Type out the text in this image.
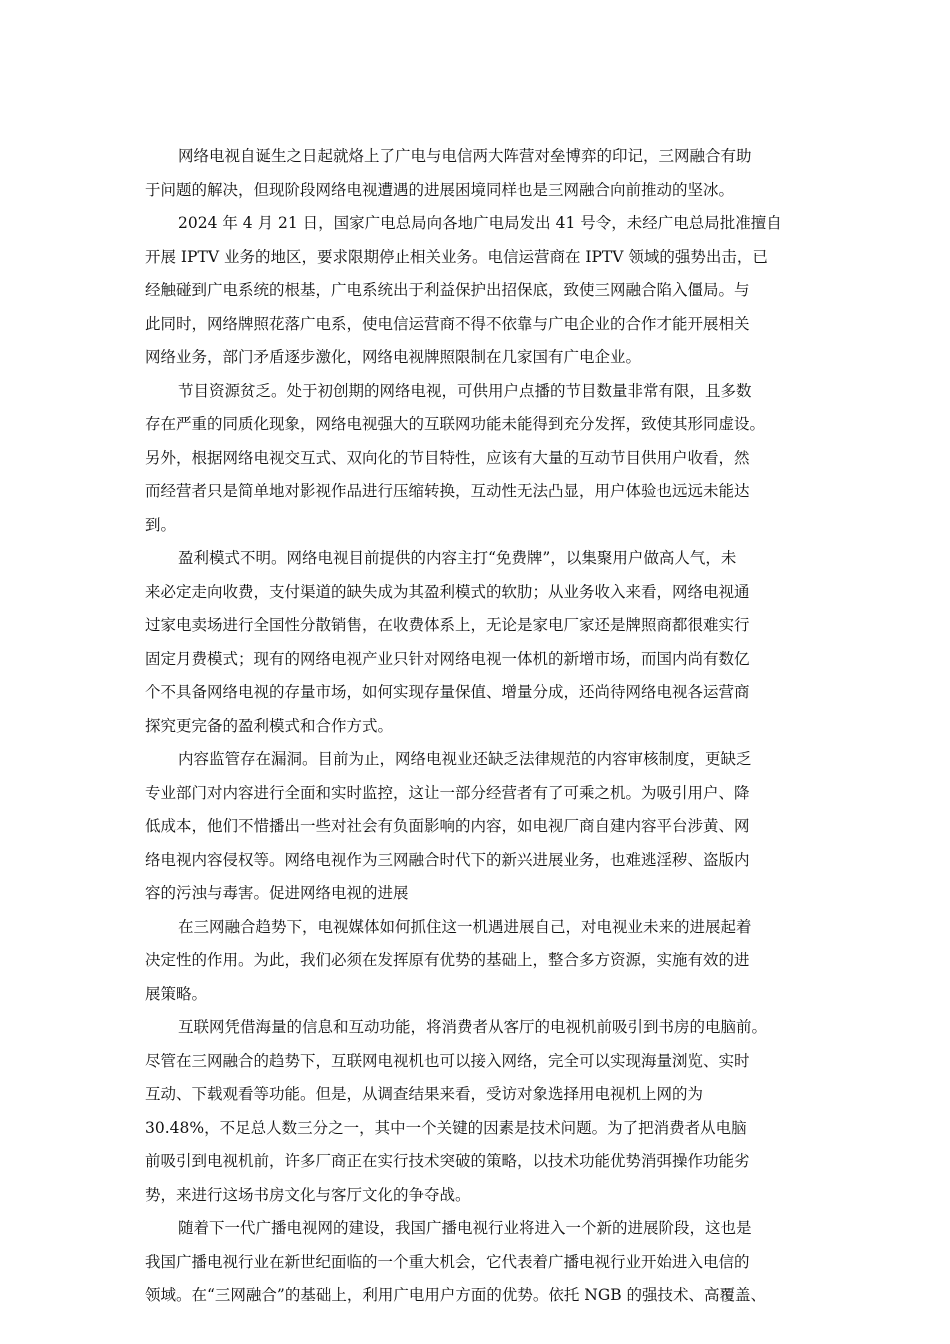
网络电视自诞生之日起就烙上了广电与电信两大阵营对垒博弈的印记，三网融合有助
于问题的解决，但现阶段网络电视遭遇的进展困境同样也是三网融合向前推动的坚冰。
2024 年 4 月 21 日，国家广电总局向各地广电局发出 41 号令，未经广电总局批准擅自
开展 IPTV 业务的地区，要求限期停止相关业务。电信运营商在 IPTV 领域的强势出击，已
经触碰到广电系统的根基，广电系统出于利益保护出招保底，致使三网融合陷入僵局。与
此同时，网络牌照花落广电系，使电信运营商不得不依靠与广电企业的合作才能开展相关
网络业务，部门矛盾逐步激化，网络电视牌照限制在几家国有广电企业。
节目资源贫乏。处于初创期的网络电视，可供用户点播的节目数量非常有限，且多数
存在严重的同质化现象，网络电视强大的互联网功能未能得到充分发挥，致使其形同虚设。
另外，根据网络电视交互式、双向化的节目特性，应该有大量的互动节目供用户收看，然
而经营者只是简单地对影视作品进行压缩转换，互动性无法凸显，用户体验也远远未能达
到。
盈利模式不明。网络电视目前提供的内容主打“免费牌”，以集聚用户做高人气，未
来必定走向收费，支付渠道的缺失成为其盈利模式的软肋；从业务收入来看，网络电视通
过家电卖场进行全国性分散销售，在收费体系上，无论是家电厂家还是牌照商都很难实行
固定月费模式；现有的网络电视产业只针对网络电视一体机的新增市场，而国内尚有数亿
个不具备网络电视的存量市场，如何实现存量保值、增量分成，还尚待网络电视各运营商
探究更完备的盈利模式和合作方式。
内容监管存在漏洞。目前为止，网络电视业还缺乏法律规范的内容审核制度，更缺乏
专业部门对内容进行全面和实时监控，这让一部分经营者有了可乘之机。为吸引用户、降
低成本，他们不惜播出一些对社会有负面影响的内容，如电视厂商自建内容平台涉黄、网
络电视内容侵权等。网络电视作为三网融合时代下的新兴进展业务，也难逃淫秽、盗版内
容的污浊与毒害。促进网络电视的进展
在三网融合趋势下，电视媒体如何抓住这一机遇进展自己，对电视业未来的进展起着
决定性的作用。为此，我们必须在发挥原有优势的基础上，整合多方资源，实施有效的进
展策略。
互联网凭借海量的信息和互动功能，将消费者从客厅的电视机前吸引到书房的电脑前。
尽管在三网融合的趋势下，互联网电视机也可以接入网络，完全可以实现海量浏览、实时
互动、下载观看等功能。但是，从调查结果来看，受访对象选择用电视机上网的为
30.48%，不足总人数三分之一，其中一个关键的因素是技术问题。为了把消费者从电脑
前吸引到电视机前，许多厂商正在实行技术突破的策略，以技术功能优势消弭操作功能劣
势，来进行这场书房文化与客厅文化的争夺战。
随着下一代广播电视网的建设，我国广播电视行业将进入一个新的进展阶段，这也是
我国广播电视行业在新世纪面临的一个重大机会，它代表着广播电视行业开始进入电信的
领域。在“三网融合”的基础上，利用广电用户方面的优势。依托 NGB 的强技术、高覆盖、
